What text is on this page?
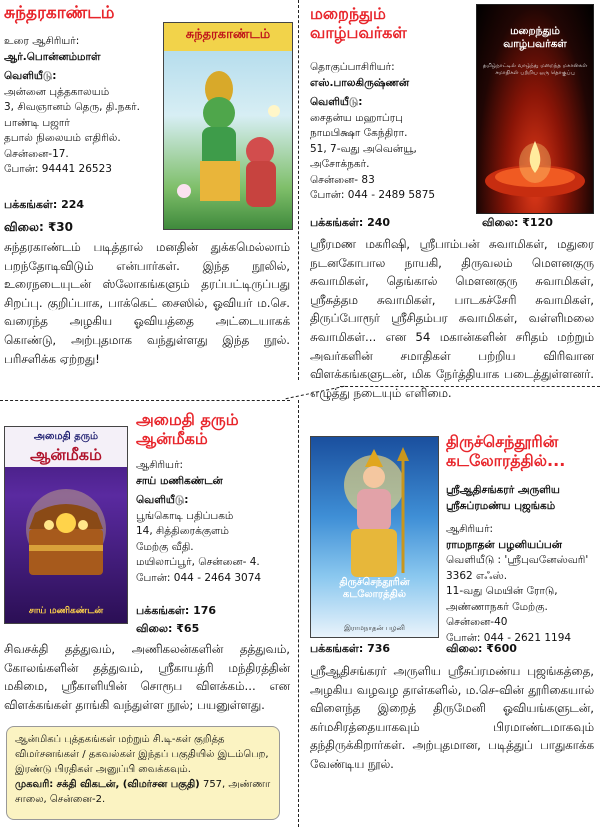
சுந்தரகாண்டம்
உரை ஆசிரியர்:
ஆர்.பொன்னம்மாள்
வெளியீடு:
அன்னை புத்தகாலயம்
3, சிவஞானம் தெரு, தி.நகர்.
பாண்டி பஜார்
தபால் நிலையம் எதிரில்.
சென்னை-17.
போன்: 94441 26523
பக்கங்கள்: 224
விலை: ₹30
சுந்தரகாண்டம்
சுந்தரகாண்டம் படித்தால் மனதின் துக்கமெல்லாம் பறந்தோடிவிடும் என்பார்கள். இந்த நூலில், உரைநடையுடன் ஸ்லோகங்களும் தரப்பட்டிருப்பது சிறப்பு. குறிப்பாக, பாக்கெட் சைஸில், ஓவியர் ம.செ. வரைந்த அழகிய ஓவியத்தை அட்டையாகக் கொண்டு, அற்புதமாக வந்துள்ளது இந்த நூல். பரிசளிக்க ஏற்றது!
மறைந்தும்
வாழ்பவர்கள்
தொகுப்பாசிரியர்:
எஸ்.பாலகிருஷ்ணன்
வெளியீடு:
சைதன்ய மஹாப்ரபு
நாமபிக்ஷா கேந்திரா.
51, 7-வது அவென்யூ,
அசோக்நகர்.
சென்னை- 83
போன்: 044 - 2489 5875
மறைந்தும் வாழ்பவர்கள்
தமிழ்நாட்டில் வாழ்ந்து மறைந்த மகான்கள் சமாதிகள் பற்றிய ஒரு தொகுப்பு
பக்கங்கள்: 240	விலை: ₹120
ஸ்ரீரமண மகரிஷி, ஸ்ரீபாம்பன் சுவாமிகள், மதுரை நடனகோபால நாயகி, திருவலம் மௌனகுரு சுவாமிகள், தெங்கால் மௌனகுரு சுவாமிகள், ஸ்ரீசுத்தம சுவாமிகள், பாடகச்சேரி சுவாமிகள், திருப்போரூர் ஸ்ரீசிதம்பர சுவாமிகள், வள்ளிமலை சுவாமிகள்... என 54 மகான்களின் சரிதம் மற்றும் அவர்களின் சமாதிகள் பற்றிய விரிவான விளக்கங்களுடன், மிக நேர்த்தியாக படைத்துள்ளனர். எழுத்து நடையும் எளிமை.
அமைதி தரும்
ஆன்மீகம்
அமைதி தரும்
ஆன்மீகம்
சாய் மணிகண்டன்
ஆசிரியர்:
சாய் மணிகண்டன்
வெளியீடு:
பூங்கொடி பதிப்பகம்
14, சித்திரைக்குளம்
மேற்கு வீதி.
மயிலாப்பூர், சென்னை- 4.
போன்: 044 - 2464 3074
பக்கங்கள்: 176
விலை: ₹65
சிவசக்தி தத்துவம், அணிகலன்களின் தத்துவம், கோலங்களின் தத்துவம், ஸ்ரீகாயத்ரி மந்திரத்தின் மகிமை, ஸ்ரீகாளியின் சொரூப விளக்கம்... என விளக்கங்கள் தாங்கி வந்துள்ள நூல்; பயனுள்ளது.
ஆன்மிகப் புத்தகங்கள் மற்றும் சி.டி-கள் குறித்த விமர்சனங்கள் / தகவல்கள் இந்தப் பகுதியில் இடம்பெற, இரண்டு பிரதிகள் அனுப்பி வைக்கவும்.
முகவரி: சக்தி விகடன், (விமர்சன பகுதி) 757, அண்ணா சாலை, சென்னை-2.
திருச்செந்தூரின்
கடலோரத்தில்...
திருச்செந்தூரின் கடலோரத்தில்
இராமநாதன் பழனி
ஸ்ரீஆதிசங்கரர் அருளிய
ஸ்ரீசுப்ரமண்ய புஜங்கம்
ஆசிரியர்:
ராமநாதன் பழனியப்பன்
வெளியீடு : 'ஸ்ரீபுவனேஸ்வரி'
3362 எஃஸ்.
11-வது மெயின் ரோடு,
அண்ணாநகர் மேற்கு.
சென்னை-40
போன்: 044 - 2621 1194
பக்கங்கள்: 736	விலை: ₹600
ஸ்ரீஆதிசங்கரர் அருளிய ஸ்ரீசுப்ரமண்ய புஜங்கத்தை, அழகிய வழவழ தாள்களில், ம.செ-வின் தூரிகையால் விளைந்த இறைத் திருமேனி ஓவியங்களுடன், கர்மசிரத்தையாகவும் பிரமாண்டமாகவும் தந்திருக்கிறார்கள். அற்புதமான, படித்துப் பாதுகாக்க வேண்டிய நூல்.
